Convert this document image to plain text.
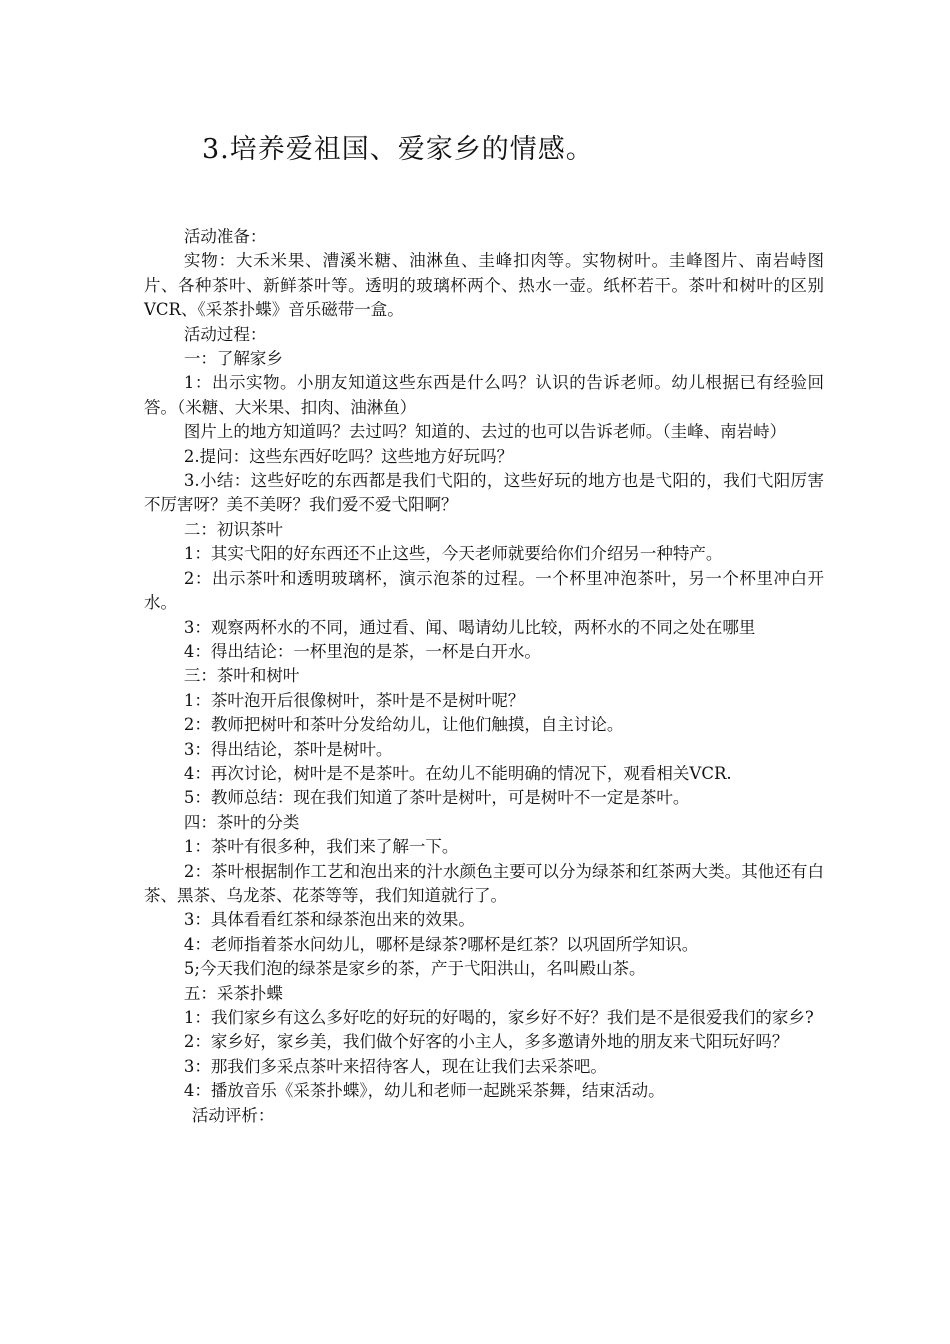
3.培养爱祖国、爱家乡的情感。

活动准备：

实物：大禾米果、漕溪米糖、油淋鱼、圭峰扣肉等。实物树叶。圭峰图片、南岩峙图片、各种茶叶、新鲜茶叶等。透明的玻璃杯两个、热水一壶。纸杯若干。茶叶和树叶的区别VCR、《采茶扑蝶》音乐磁带一盒。

活动过程：

一：了解家乡

1：出示实物。小朋友知道这些东西是什么吗？认识的告诉老师。幼儿根据已有经验回答。（米糖、大米果、扣肉、油淋鱼）

图片上的地方知道吗？去过吗？知道的、去过的也可以告诉老师。（圭峰、南岩峙）

2.提问：这些东西好吃吗？这些地方好玩吗？

3.小结：这些好吃的东西都是我们弋阳的，这些好玩的地方也是弋阳的，我们弋阳厉害不厉害呀？美不美呀？我们爱不爱弋阳啊？

二：初识茶叶

1：其实弋阳的好东西还不止这些，今天老师就要给你们介绍另一种特产。

2：出示茶叶和透明玻璃杯，演示泡茶的过程。一个杯里冲泡茶叶，另一个杯里冲白开水。

3：观察两杯水的不同，通过看、闻、喝请幼儿比较，两杯水的不同之处在哪里

4：得出结论：一杯里泡的是茶，一杯是白开水。

三：茶叶和树叶

1：茶叶泡开后很像树叶，茶叶是不是树叶呢？

2：教师把树叶和茶叶分发给幼儿，让他们触摸，自主讨论。

3：得出结论，茶叶是树叶。

4：再次讨论，树叶是不是茶叶。在幼儿不能明确的情况下，观看相关VCR.

5：教师总结：现在我们知道了茶叶是树叶，可是树叶不一定是茶叶。

四：茶叶的分类

1：茶叶有很多种，我们来了解一下。

2：茶叶根据制作工艺和泡出来的汁水颜色主要可以分为绿茶和红茶两大类。其他还有白茶、黑茶、乌龙茶、花茶等等，我们知道就行了。

3：具体看看红茶和绿茶泡出来的效果。

4：老师指着茶水问幼儿，哪杯是绿茶?哪杯是红茶？以巩固所学知识。

5;今天我们泡的绿茶是家乡的茶，产于弋阳洪山，名叫殿山茶。

五：采茶扑蝶

1：我们家乡有这么多好吃的好玩的好喝的，家乡好不好？我们是不是很爱我们的家乡?

2：家乡好，家乡美，我们做个好客的小主人，多多邀请外地的朋友来弋阳玩好吗？

3：那我们多采点茶叶来招待客人，现在让我们去采茶吧。

4：播放音乐《采茶扑蝶》，幼儿和老师一起跳采茶舞，结束活动。

活动评析：
